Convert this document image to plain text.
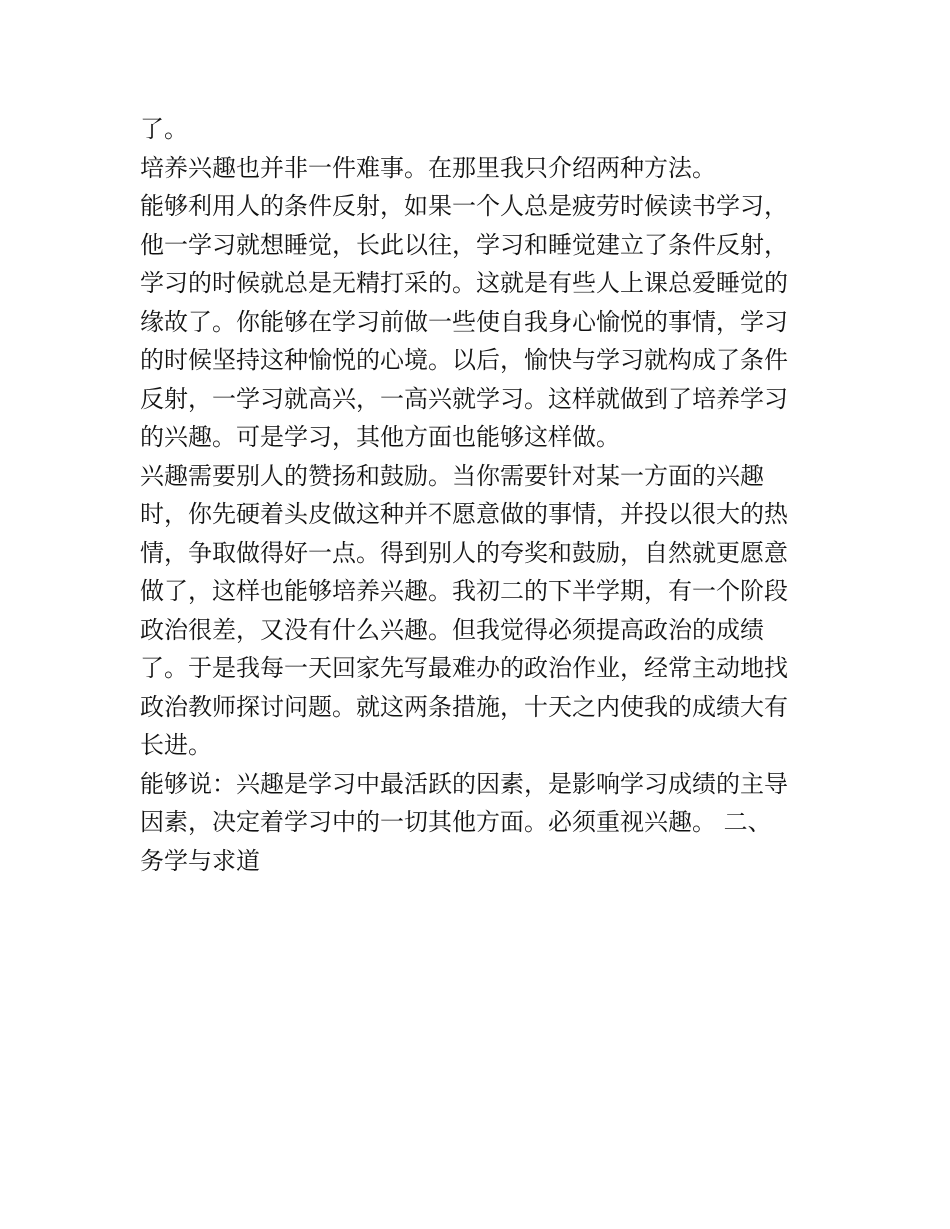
了。
培养兴趣也并非一件难事。在那里我只介绍两种方法。
能够利用人的条件反射，如果一个人总是疲劳时候读书学习，
他一学习就想睡觉，长此以往，学习和睡觉建立了条件反射，
学习的时候就总是无精打采的。这就是有些人上课总爱睡觉的
缘故了。你能够在学习前做一些使自我身心愉悦的事情，学习
的时候坚持这种愉悦的心境。以后，愉快与学习就构成了条件
反射，一学习就高兴，一高兴就学习。这样就做到了培养学习
的兴趣。可是学习，其他方面也能够这样做。
兴趣需要别人的赞扬和鼓励。当你需要针对某一方面的兴趣
时，你先硬着头皮做这种并不愿意做的事情，并投以很大的热
情，争取做得好一点。得到别人的夸奖和鼓励，自然就更愿意
做了，这样也能够培养兴趣。我初二的下半学期，有一个阶段
政治很差，又没有什么兴趣。但我觉得必须提高政治的成绩
了。于是我每一天回家先写最难办的政治作业，经常主动地找
政治教师探讨问题。就这两条措施，十天之内使我的成绩大有
长进。
能够说：兴趣是学习中最活跃的因素，是影响学习成绩的主导
因素，决定着学习中的一切其他方面。必须重视兴趣。 二、
务学与求道
